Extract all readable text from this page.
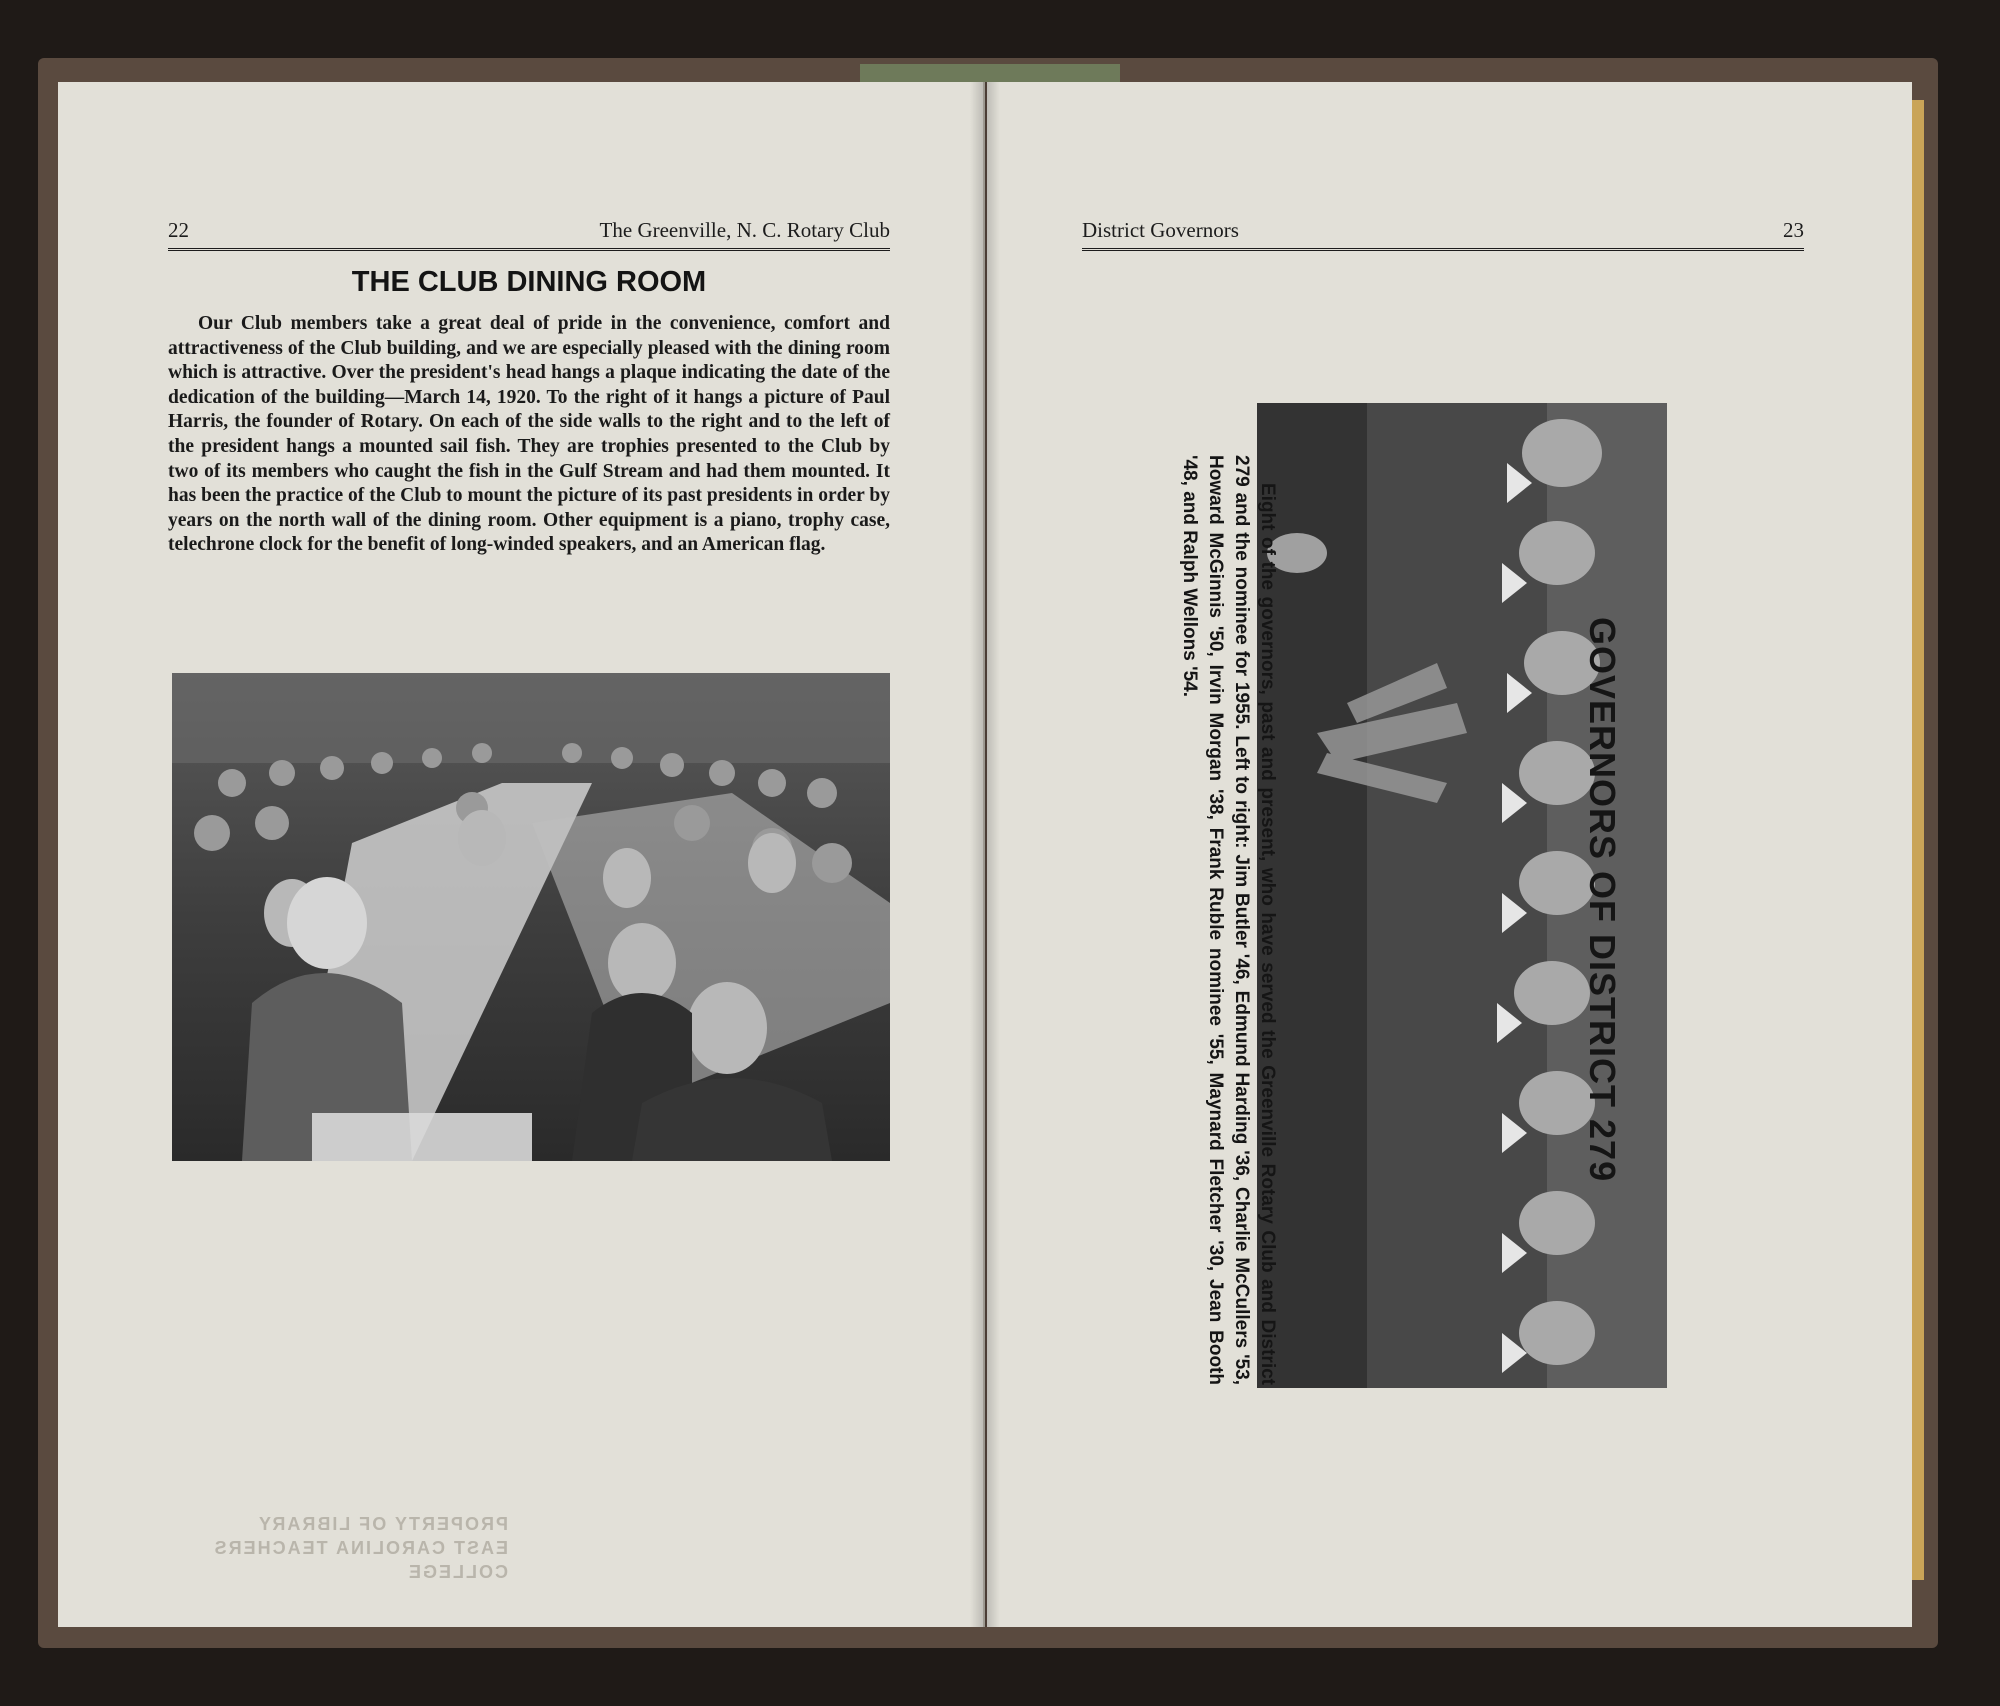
22	The Greenville, N. C. Rotary Club
THE CLUB DINING ROOM

Our Club members take a great deal of pride in the convenience, comfort and attractiveness of the Club building, and we are especially pleased with the dining room which is attractive. Over the president's head hangs a plaque indicating the date of the dedication of the building—March 14, 1920. To the right of it hangs a picture of Paul Harris, the founder of Rotary. On each of the side walls to the right and to the left of the president hangs a mounted sail fish. They are trophies presented to the Club by two of its members who caught the fish in the Gulf Stream and had them mounted. It has been the practice of the Club to mount the picture of its past presidents in order by years on the north wall of the dining room. Other equipment is a piano, trophy case, telechrone clock for the benefit of long-winded speakers, and an American flag.

PROPERTY OF LIBRARY
EAST CAROLINA TEACHERS COLLEGE
District Governors	23
GOVERNORS OF DISTRICT 279
Eight of the governors, past and present, who have served the Greenville Rotary Club and District 279 and the nominee for 1955. Left to right: Jim Butler '46, Edmund Harding '36, Charlie McCullers '53, Howard McGinnis '50, Irvin Morgan '38, Frank Ruble nominee '55, Maynard Fletcher '30, Jean Booth '48, and Ralph Wellons '54.
